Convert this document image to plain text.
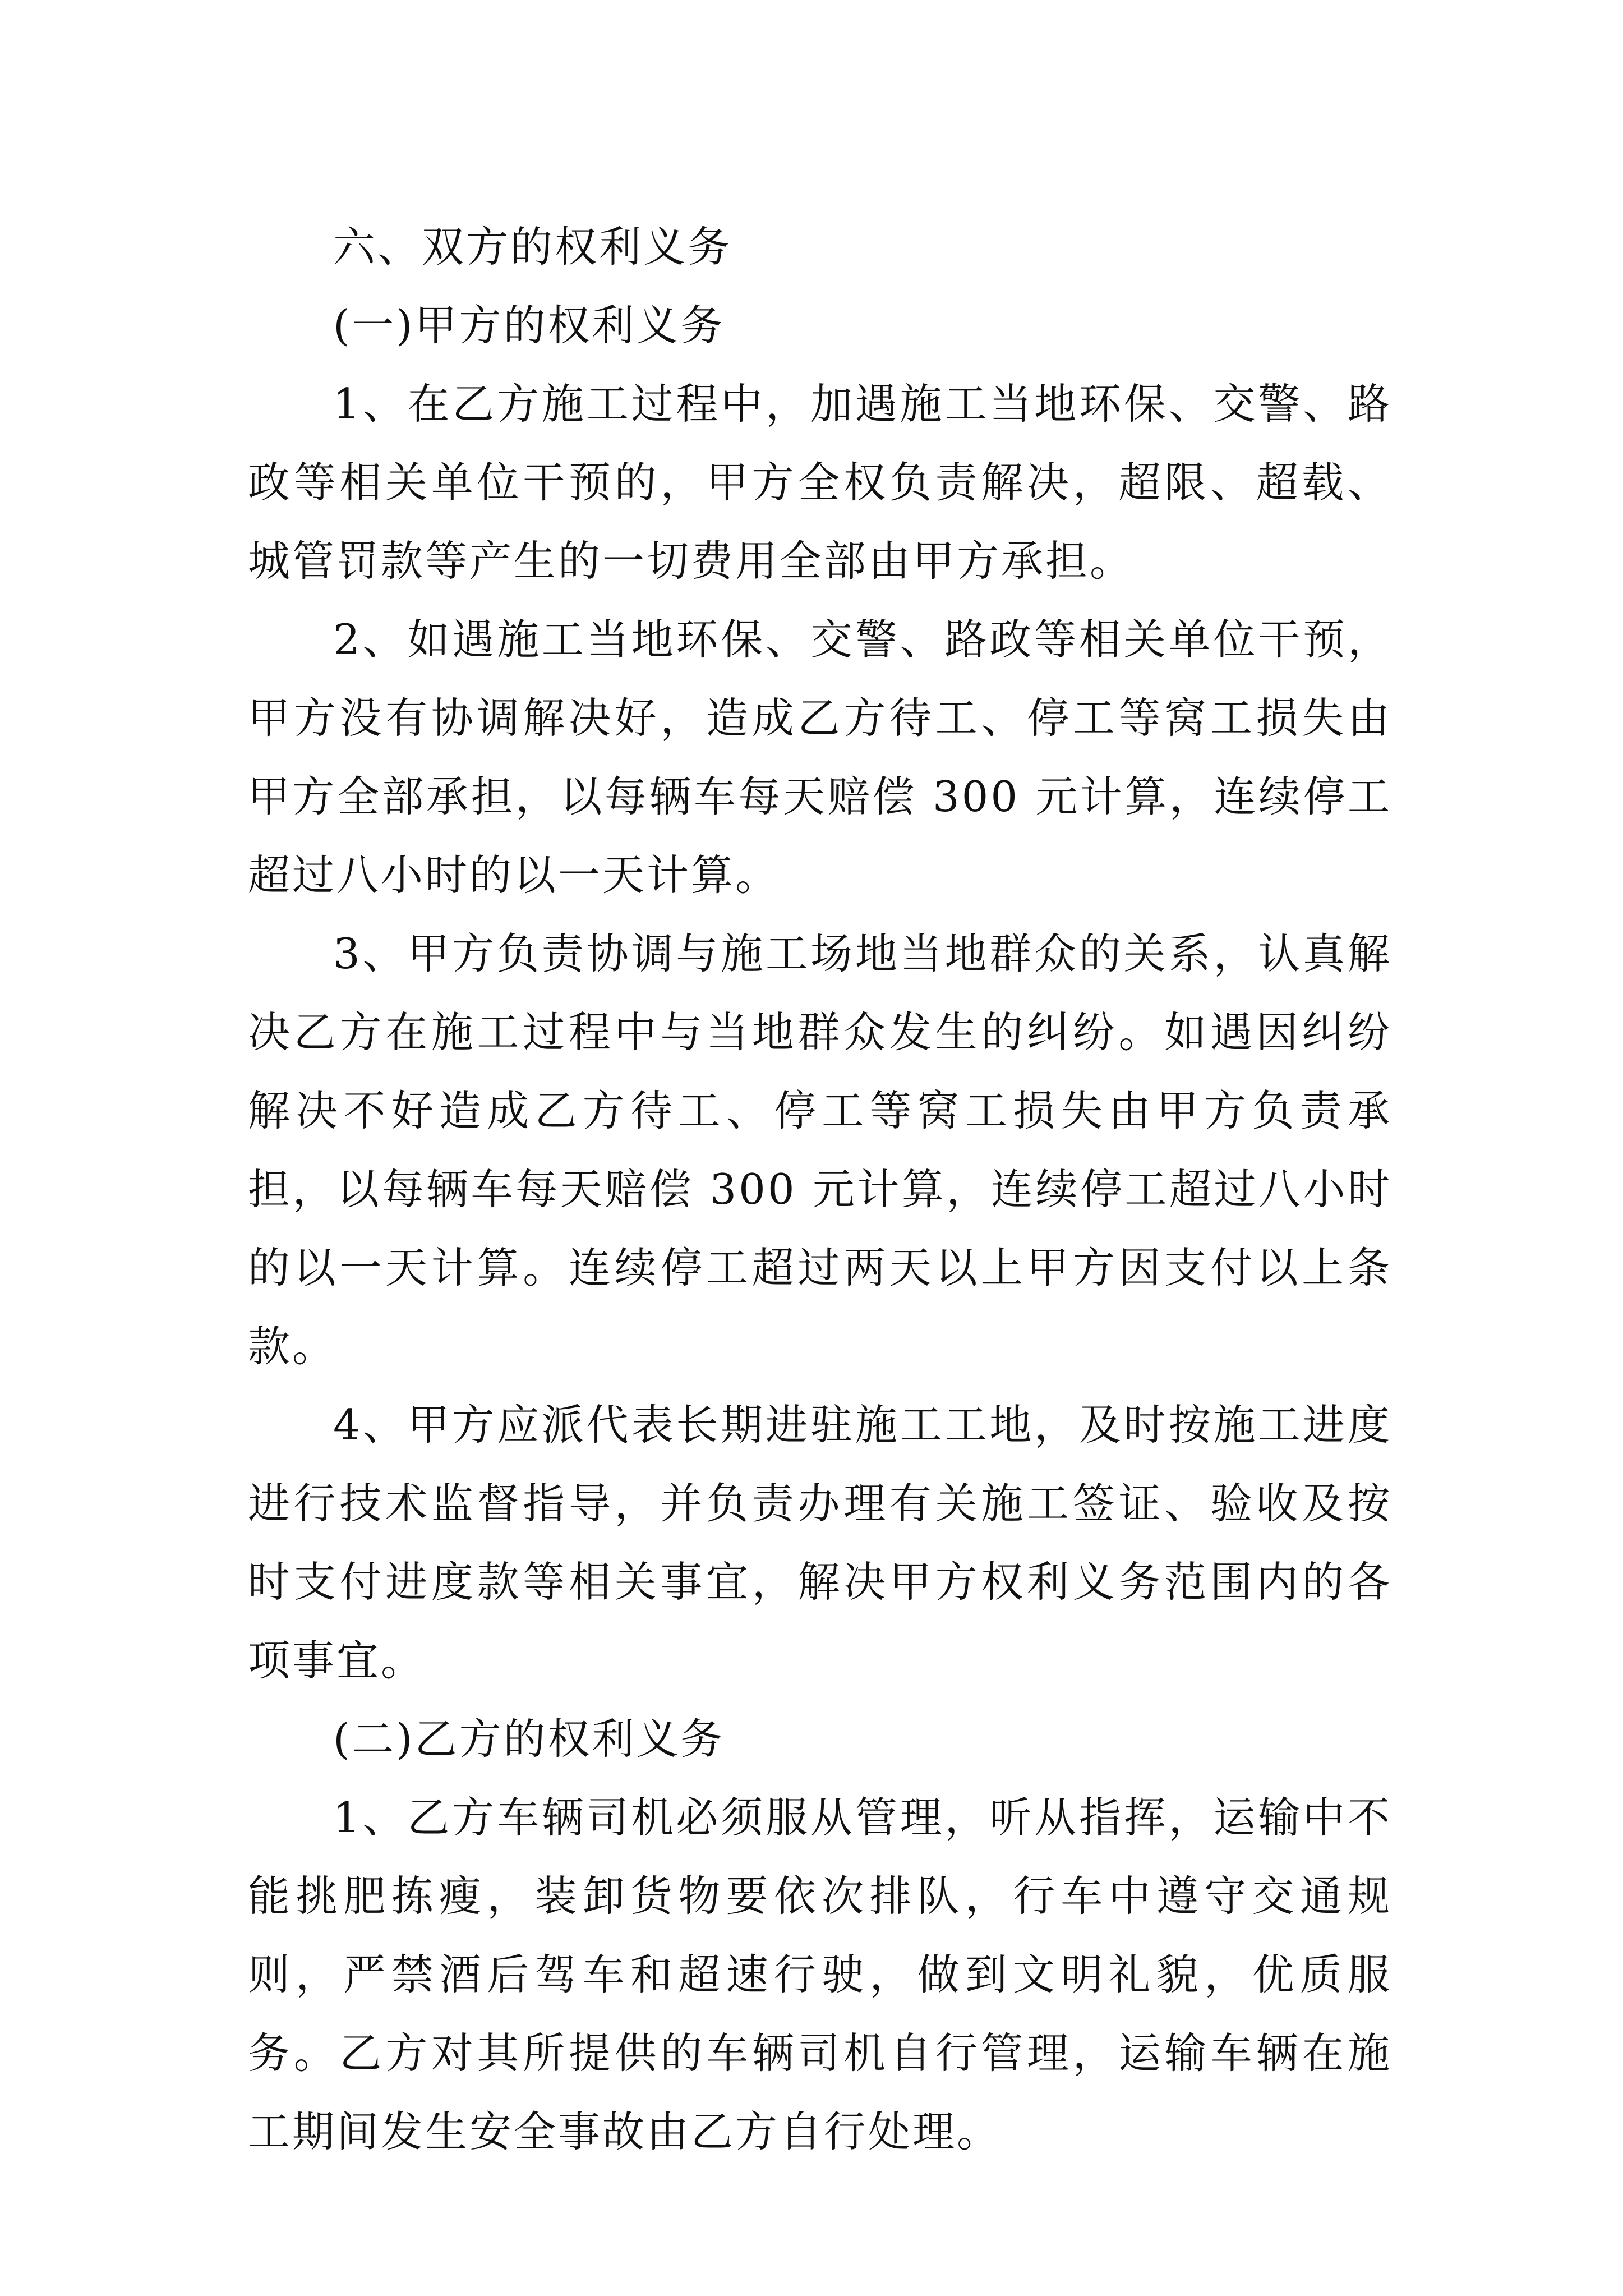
六、双方的权利义务

(一)甲方的权利义务

1、在乙方施工过程中，加遇施工当地环保、交警、路政等相关单位干预的，甲方全权负责解决，超限、超载、城管罚款等产生的一切费用全部由甲方承担。

2、如遇施工当地环保、交警、路政等相关单位干预，甲方没有协调解决好，造成乙方待工、停工等窝工损失由甲方全部承担，以每辆车每天赔偿 300 元计算，连续停工超过八小时的以一天计算。

3、甲方负责协调与施工场地当地群众的关系，认真解决乙方在施工过程中与当地群众发生的纠纷。如遇因纠纷解决不好造成乙方待工、停工等窝工损失由甲方负责承担，以每辆车每天赔偿 300 元计算，连续停工超过八小时的以一天计算。连续停工超过两天以上甲方因支付以上条款。

4、甲方应派代表长期进驻施工工地，及时按施工进度进行技术监督指导，并负责办理有关施工签证、验收及按时支付进度款等相关事宜，解决甲方权利义务范围内的各项事宜。

(二)乙方的权利义务

1、乙方车辆司机必须服从管理，听从指挥，运输中不能挑肥拣瘦，装卸货物要依次排队，行车中遵守交通规则，严禁酒后驾车和超速行驶，做到文明礼貌，优质服务。乙方对其所提供的车辆司机自行管理，运输车辆在施工期间发生安全事故由乙方自行处理。
